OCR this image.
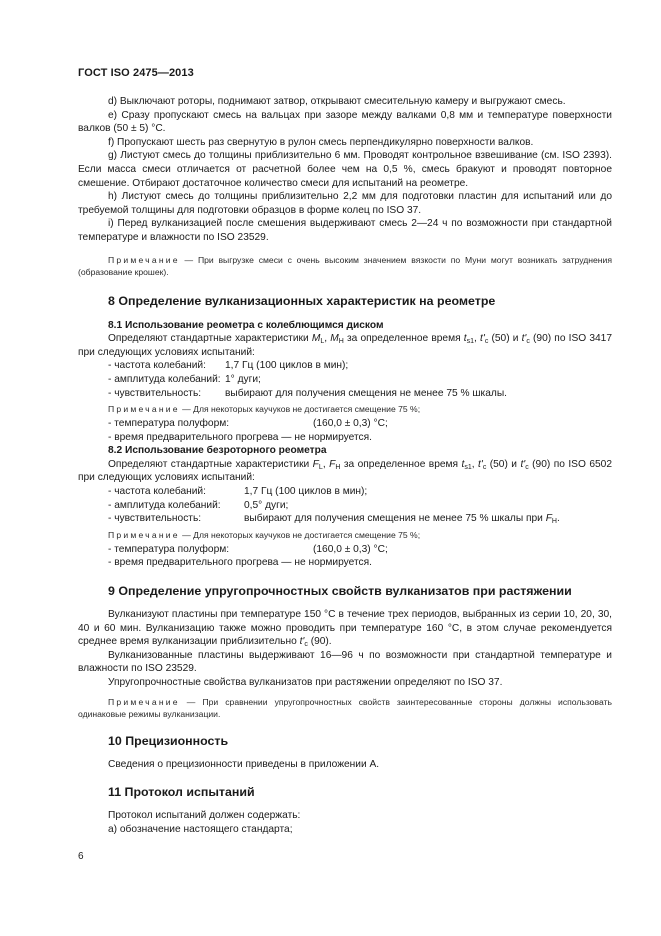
ГОСТ ISO 2475—2013

d) Выключают роторы, поднимают затвор, открывают смесительную камеру и выгружают смесь.

e) Сразу пропускают смесь на вальцах при зазоре между валками 0,8 мм и температуре поверхности валков (50 ± 5) °С.

f) Пропускают шесть раз свернутую в рулон смесь перпендикулярно поверхности валков.

g) Листуют смесь до толщины приблизительно 6 мм. Проводят контрольное взвешивание (см. ISO 2393). Если масса смеси отличается от расчетной более чем на 0,5 %, смесь бракуют и проводят повторное смешение. Отбирают достаточное количество смеси для испытаний на реометре.

h) Листуют смесь до толщины приблизительно 2,2 мм для подготовки пластин для испытаний или до требуемой толщины для подготовки образцов в форме колец по ISO 37.

i) Перед вулканизацией после смешения выдерживают смесь 2—24 ч по возможности при стандартной температуре и влажности по ISO 23529.

Примечание — При выгрузке смеси с очень высоким значением вязкости по Муни могут возникать затруднения (образование крошек).

8 Определение вулканизационных характеристик на реометре

8.1 Использование реометра с колеблющимся диском

Определяют стандартные характеристики $M_L$, $M_H$ за определенное время $t_{s1}$, $t'_c$ (50) и $t'_c$ (90) по ISO 3417 при следующих условиях испытаний:

- частота колебаний:	1,7 Гц (100 циклов в мин);
- амплитуда колебаний: 1° дуги;
- чувствительность:	выбирают для получения смещения не менее 75 % шкалы.

Примечание — Для некоторых каучуков не достигается смещение 75 %;

- температура полуформ:	(160,0 ± 0,3) °С;
- время предварительного прогрева — не нормируется.

8.2 Использование безроторного реометра

Определяют стандартные характеристики $F_L$, $F_H$ за определенное время $t_{s1}$, $t'_c$ (50) и $t'_c$ (90) по ISO 6502 при следующих условиях испытаний:

- частота колебаний:	1,7 Гц (100 циклов в мин);
- амплитуда колебаний:	0,5° дуги;
- чувствительность:	выбирают для получения смещения не менее 75 % шкалы при $F_H$.

Примечание — Для некоторых каучуков не достигается смещение 75 %;

- температура полуформ:	(160,0 ± 0,3) °С;
- время предварительного прогрева — не нормируется.

9 Определение упругопрочностных свойств вулканизатов при растяжении

Вулканизуют пластины при температуре 150 °С в течение трех периодов, выбранных из серии 10, 20, 30, 40 и 60 мин. Вулканизацию также можно проводить при температуре 160 °С, в этом случае рекомендуется среднее время вулканизации приблизительно $t'_c$ (90).

Вулканизованные пластины выдерживают 16—96 ч по возможности при стандартной температуре и влажности по ISO 23529.

Упругопрочностные свойства вулканизатов при растяжении определяют по ISO 37.

Примечание — При сравнении упругопрочностных свойств заинтересованные стороны должны использовать одинаковые режимы вулканизации.

10 Прецизионность

Сведения о прецизионности приведены в приложении А.

11 Протокол испытаний

Протокол испытаний должен содержать:

a) обозначение настоящего стандарта;

6
